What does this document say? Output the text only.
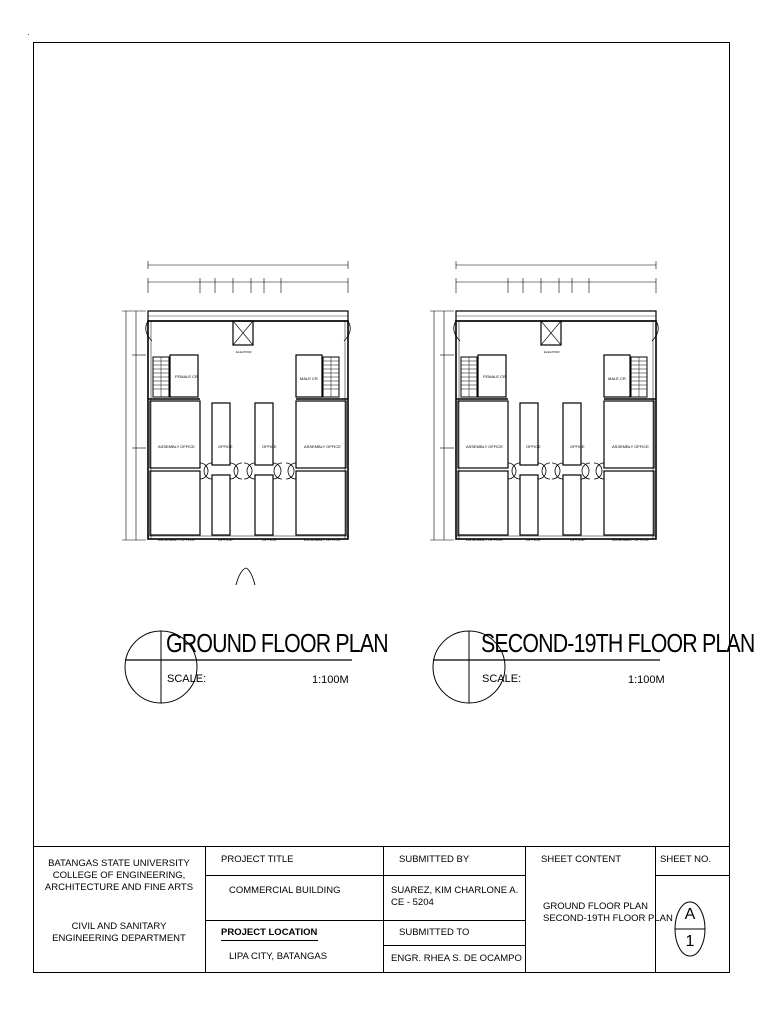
ELEVATOR
FEMALE CR	MALE CR
ASSEMBLY OFFICE	OFFICE	OFFICE	ASSEMBLY OFFICE
ASSEMBLY OFFICE	OFFICE	OFFICE	ASSEMBLY OFFICE
ELEVATOR
FEMALE CR	MALE CR
ASSEMBLY OFFICE	OFFICE	OFFICE	ASSEMBLY OFFICE
ASSEMBLY OFFICE	OFFICE	OFFICE	ASSEMBLY OFFICE
GROUND FLOOR PLAN
SCALE:	1:100M
SECOND-19TH FLOOR PLAN
SCALE:	1:100M
BATANGAS STATE UNIVERSITY
COLLEGE OF ENGINEERING,
ARCHITECTURE AND FINE ARTS
CIVIL AND SANITARY
ENGINEERING DEPARTMENT
PROJECT TITLE
COMMERCIAL BUILDING
PROJECT LOCATION
LIPA CITY, BATANGAS
SUBMITTED BY
SUAREZ, KIM CHARLONE A.
CE - 5204
SUBMITTED TO
ENGR. RHEA S. DE OCAMPO
SHEET CONTENT
GROUND FLOOR PLAN
SECOND-19TH FLOOR PLAN
SHEET NO.
A
1
